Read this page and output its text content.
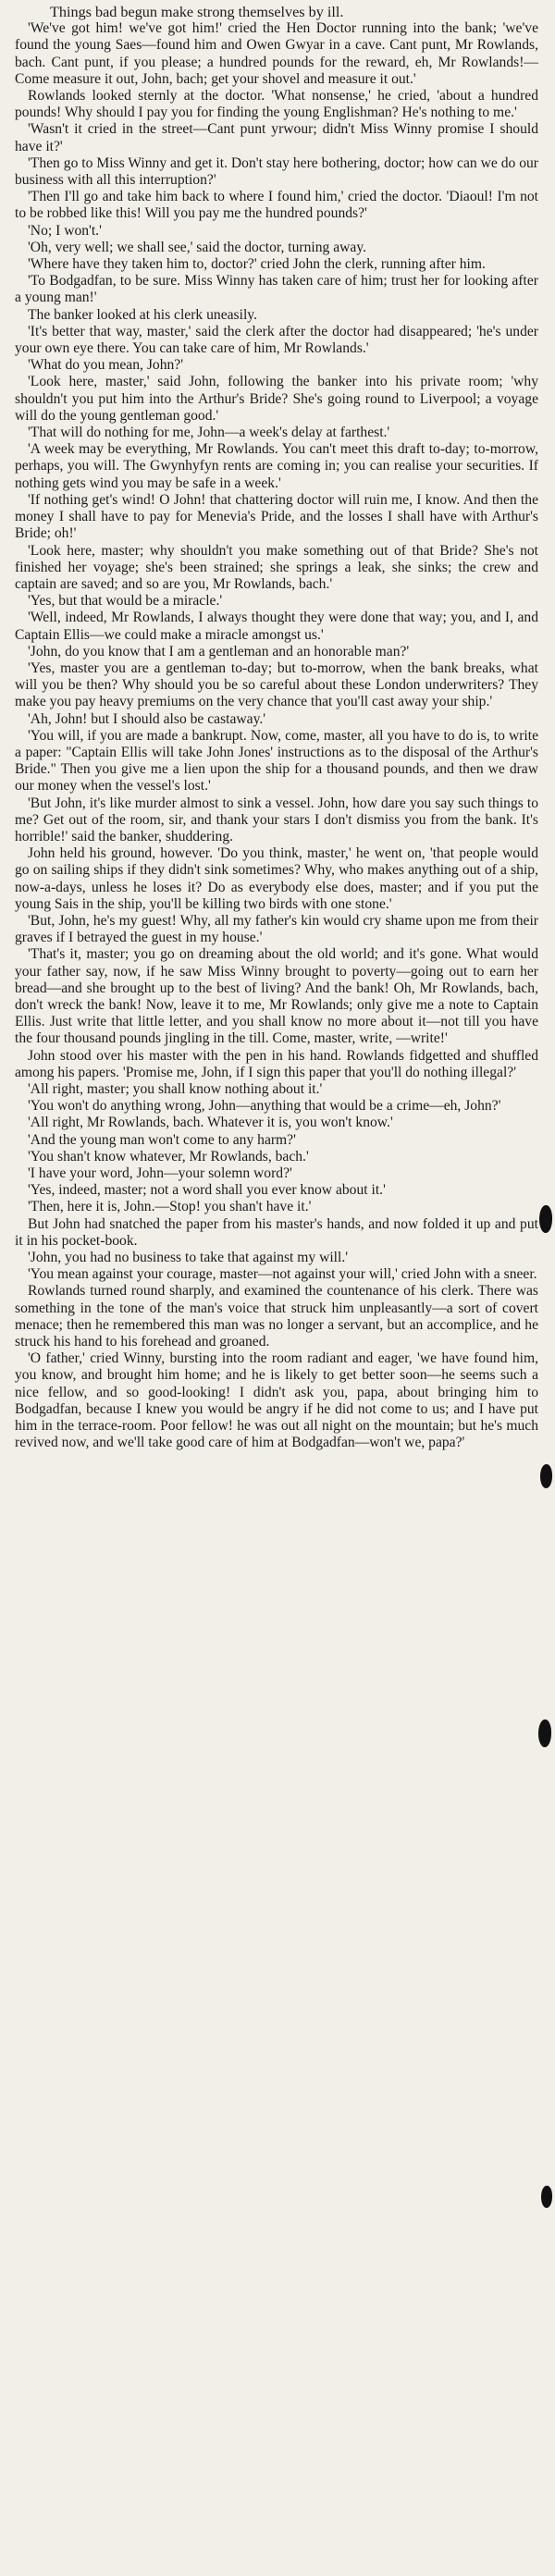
Things bad begun make strong themselves by ill.

'We've got him! we've got him!' cried the Hen Doctor running into the bank; 'we've found the young Saes—found him and Owen Gwyar in a cave. Cant punt, Mr Rowlands, bach. Cant punt, if you please; a hundred pounds for the reward, eh, Mr Rowlands!—Come measure it out, John, bach; get your shovel and measure it out.'

Rowlands looked sternly at the doctor. 'What nonsense,' he cried, 'about a hundred pounds! Why should I pay you for finding the young Englishman? He's nothing to me.'

'Wasn't it cried in the street—Cant punt yrwour; didn't Miss Winny promise I should have it?'

'Then go to Miss Winny and get it. Don't stay here bothering, doctor; how can we do our business with all this interruption?'

'Then I'll go and take him back to where I found him,' cried the doctor. 'Diaoul! I'm not to be robbed like this! Will you pay me the hundred pounds?'

'No; I won't.'

'Oh, very well; we shall see,' said the doctor, turning away.

'Where have they taken him to, doctor?' cried John the clerk, running after him.

'To Bodgadfan, to be sure. Miss Winny has taken care of him; trust her for looking after a young man!'

The banker looked at his clerk uneasily.

'It's better that way, master,' said the clerk after the doctor had disappeared; 'he's under your own eye there. You can take care of him, Mr Rowlands.'

'What do you mean, John?'

'Look here, master,' said John, following the banker into his private room; 'why shouldn't you put him into the Arthur's Bride? She's going round to Liverpool; a voyage will do the young gentleman good.'

'That will do nothing for me, John—a week's delay at farthest.'

'A week may be everything, Mr Rowlands. You can't meet this draft to-day; to-morrow, perhaps, you will. The Gwynhyfyn rents are coming in; you can realise your securities. If nothing gets wind you may be safe in a week.'

'If nothing get's wind! O John! that chattering doctor will ruin me, I know. And then the money I shall have to pay for Menevia's Pride, and the losses I shall have with Arthur's Bride; oh!'

'Look here, master; why shouldn't you make something out of that Bride? She's not finished her voyage; she's been strained; she springs a leak, she sinks; the crew and captain are saved; and so are you, Mr Rowlands, bach.'

'Yes, but that would be a miracle.'

'Well, indeed, Mr Rowlands, I always thought they were done that way; you, and I, and Captain Ellis—we could make a miracle amongst us.'

'John, do you know that I am a gentleman and an honorable man?'

'Yes, master you are a gentleman to-day; but to-morrow, when the bank breaks, what will you be then? Why should you be so careful about these London underwriters? They make you pay heavy premiums on the very chance that you'll cast away your ship.'

'Ah, John! but I should also be castaway.'

'You will, if you are made a bankrupt. Now, come, master, all you have to do is, to write a paper: "Captain Ellis will take John Jones' instructions as to the disposal of the Arthur's Bride." Then you give me a lien upon the ship for a thousand pounds, and then we draw our money when the vessel's lost.'

'But John, it's like murder almost to sink a vessel. John, how dare you say such things to me? Get out of the room, sir, and thank your stars I don't dismiss you from the bank. It's horrible!' said the banker, shuddering.

John held his ground, however. 'Do you think, master,' he went on, 'that people would go on sailing ships if they didn't sink sometimes? Why, who makes anything out of a ship, now-a-days, unless he loses it? Do as everybody else does, master; and if you put the young Sais in the ship, you'll be killing two birds with one stone.'

'But, John, he's my guest! Why, all my father's kin would cry shame upon me from their graves if I betrayed the guest in my house.'

'That's it, master; you go on dreaming about the old world; and it's gone. What would your father say, now, if he saw Miss Winny brought to poverty—going out to earn her bread—and she brought up to the best of living? And the bank! Oh, Mr Rowlands, bach, don't wreck the bank! Now, leave it to me, Mr Rowlands; only give me a note to Captain Ellis. Just write that little letter, and you shall know no more about it—not till you have the four thousand pounds jingling in the till. Come, master, write, —write!'

John stood over his master with the pen in his hand. Rowlands fidgetted and shuffled among his papers. 'Promise me, John, if I sign this paper that you'll do nothing illegal?'

'All right, master; you shall know nothing about it.'

'You won't do anything wrong, John—anything that would be a crime—eh, John?'

'All right, Mr Rowlands, bach. Whatever it is, you won't know.'

'And the young man won't come to any harm?'

'You shan't know whatever, Mr Rowlands, bach.'

'I have your word, John—your solemn word?'

'Yes, indeed, master; not a word shall you ever know about it.'

'Then, here it is, John.—Stop! you shan't have it.'

But John had snatched the paper from his master's hands, and now folded it up and put it in his pocket-book.

'John, you had no business to take that against my will.'

'You mean against your courage, master—not against your will,' cried John with a sneer.

Rowlands turned round sharply, and examined the countenance of his clerk. There was something in the tone of the man's voice that struck him unpleasantly—a sort of covert menace; then he remembered this man was no longer a servant, but an accomplice, and he struck his hand to his forehead and groaned.

'O father,' cried Winny, bursting into the room radiant and eager, 'we have found him, you know, and brought him home; and he is likely to get better soon—he seems such a nice fellow, and so good-looking! I didn't ask you, papa, about bringing him to Bodgadfan, because I knew you would be angry if he did not come to us; and I have put him in the terrace-room. Poor fellow! he was out all night on the mountain; but he's much revived now, and we'll take good care of him at Bodgadfan—won't we, papa?'
